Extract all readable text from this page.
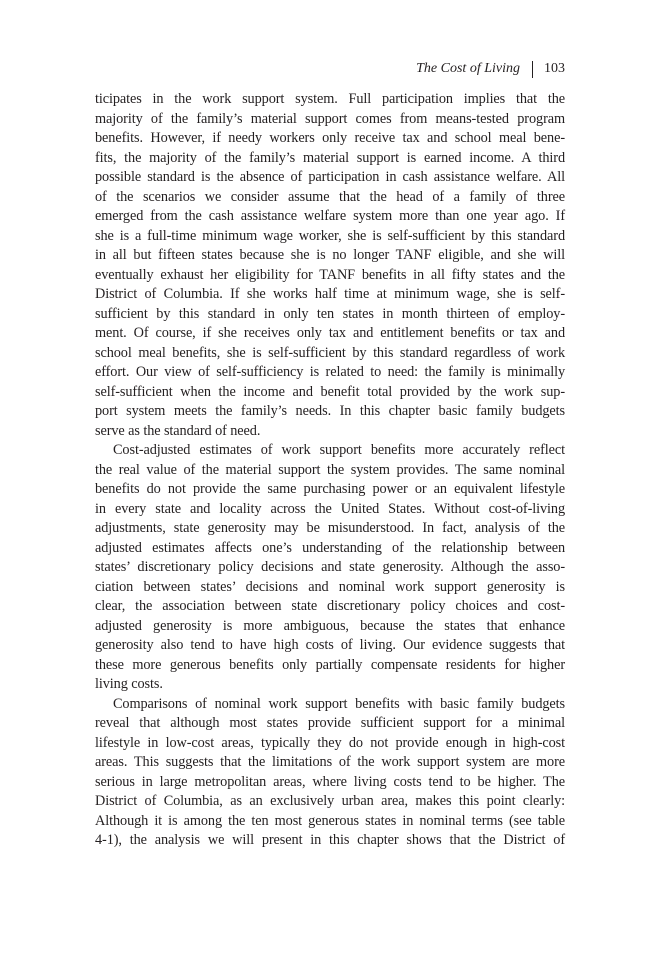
The Cost of Living 103
ticipates in the work support system. Full participation implies that the
majority of the family’s material support comes from means-tested program
benefits. However, if needy workers only receive tax and school meal bene-
fits, the majority of the family’s material support is earned income. A third
possible standard is the absence of participation in cash assistance welfare. All
of the scenarios we consider assume that the head of a family of three
emerged from the cash assistance welfare system more than one year ago. If
she is a full-time minimum wage worker, she is self-sufficient by this standard
in all but fifteen states because she is no longer TANF eligible, and she will
eventually exhaust her eligibility for TANF benefits in all fifty states and the
District of Columbia. If she works half time at minimum wage, she is self-
sufficient by this standard in only ten states in month thirteen of employ-
ment. Of course, if she receives only tax and entitlement benefits or tax and
school meal benefits, she is self-sufficient by this standard regardless of work
effort. Our view of self-sufficiency is related to need: the family is minimally
self-sufficient when the income and benefit total provided by the work sup-
port system meets the family’s needs. In this chapter basic family budgets
serve as the standard of need.
Cost-adjusted estimates of work support benefits more accurately reflect
the real value of the material support the system provides. The same nominal
benefits do not provide the same purchasing power or an equivalent lifestyle
in every state and locality across the United States. Without cost-of-living
adjustments, state generosity may be misunderstood. In fact, analysis of the
adjusted estimates affects one’s understanding of the relationship between
states’ discretionary policy decisions and state generosity. Although the asso-
ciation between states’ decisions and nominal work support generosity is
clear, the association between state discretionary policy choices and cost-
adjusted generosity is more ambiguous, because the states that enhance
generosity also tend to have high costs of living. Our evidence suggests that
these more generous benefits only partially compensate residents for higher
living costs.
Comparisons of nominal work support benefits with basic family budgets
reveal that although most states provide sufficient support for a minimal
lifestyle in low-cost areas, typically they do not provide enough in high-cost
areas. This suggests that the limitations of the work support system are more
serious in large metropolitan areas, where living costs tend to be higher. The
District of Columbia, as an exclusively urban area, makes this point clearly:
Although it is among the ten most generous states in nominal terms (see table
4-1), the analysis we will present in this chapter shows that the District of
